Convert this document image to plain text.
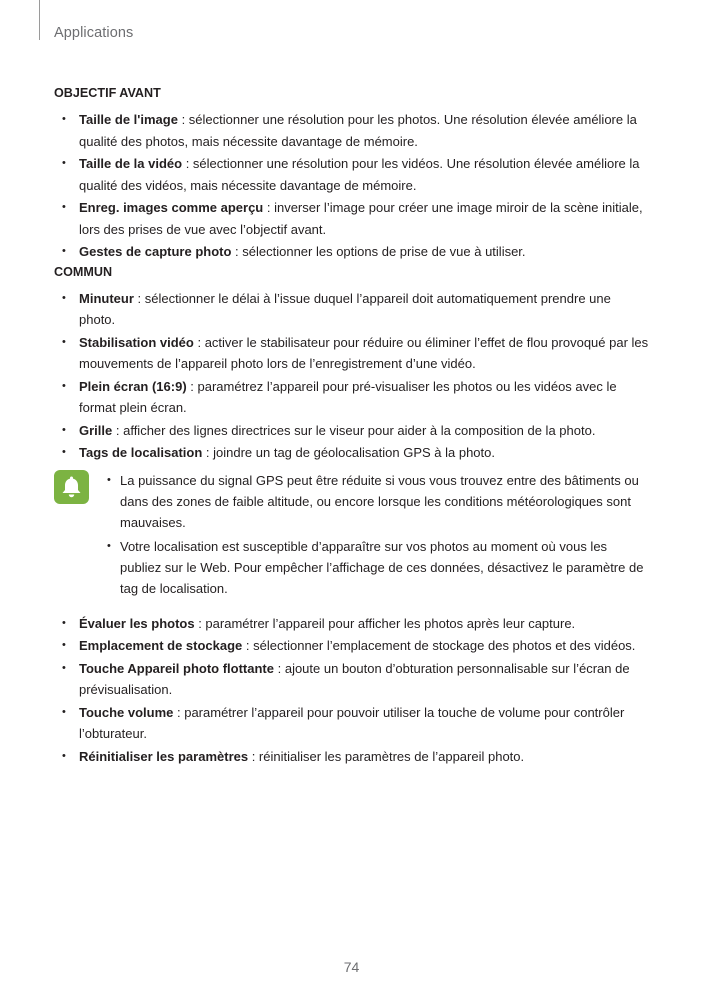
Applications
OBJECTIF AVANT
• Taille de l'image : sélectionner une résolution pour les photos. Une résolution élevée améliore la qualité des photos, mais nécessite davantage de mémoire.
• Taille de la vidéo : sélectionner une résolution pour les vidéos. Une résolution élevée améliore la qualité des vidéos, mais nécessite davantage de mémoire.
• Enreg. images comme aperçu : inverser l’image pour créer une image miroir de la scène initiale, lors des prises de vue avec l’objectif avant.
• Gestes de capture photo : sélectionner les options de prise de vue à utiliser.
COMMUN
• Minuteur : sélectionner le délai à l’issue duquel l’appareil doit automatiquement prendre une photo.
• Stabilisation vidéo : activer le stabilisateur pour réduire ou éliminer l’effet de flou provoqué par les mouvements de l’appareil photo lors de l’enregistrement d’une vidéo.
• Plein écran (16:9) : paramétrez l’appareil pour pré-visualiser les photos ou les vidéos avec le format plein écran.
• Grille : afficher des lignes directrices sur le viseur pour aider à la composition de la photo.
• Tags de localisation : joindre un tag de géolocalisation GPS à la photo.
• La puissance du signal GPS peut être réduite si vous vous trouvez entre des bâtiments ou dans des zones de faible altitude, ou encore lorsque les conditions météorologiques sont mauvaises.
• Votre localisation est susceptible d’apparaître sur vos photos au moment où vous les publiez sur le Web. Pour empêcher l’affichage de ces données, désactivez le paramètre de tag de localisation.
• Évaluer les photos : paramétrer l’appareil pour afficher les photos après leur capture.
• Emplacement de stockage : sélectionner l’emplacement de stockage des photos et des vidéos.
• Touche Appareil photo flottante : ajoute un bouton d’obturation personnalisable sur l’écran de prévisualisation.
• Touche volume : paramétrer l’appareil pour pouvoir utiliser la touche de volume pour contrôler l’obturateur.
• Réinitialiser les paramètres : réinitialiser les paramètres de l’appareil photo.
74
